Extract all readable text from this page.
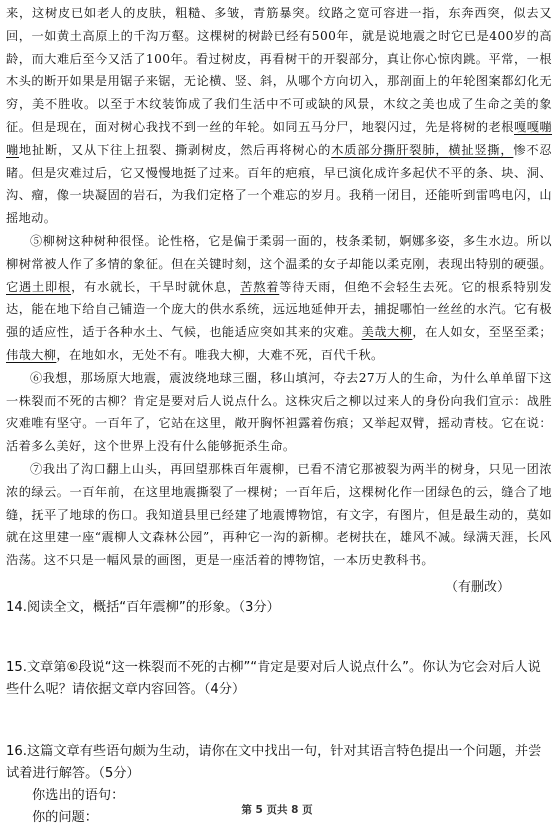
来，这树皮已如老人的皮肤，粗糙、多皱，青筋暴突。纹路之宽可容进一指，东奔西突，似去又回，一如黄土高原上的千沟万壑。这棵树的树龄已经有500年，就是说地震之时它已是400岁的高龄，而大难后至今又活了100年。看过树皮，再看树干的开裂部分，真让你心惊肉跳。平常，一根木头的断开如果是用锯子来锯，无论横、竖、斜，从哪个方向切入，那剖面上的年轮图案都幻化无穷，美不胜收。以至于木纹装饰成了我们生活中不可或缺的风景，木纹之美也成了生命之美的象征。但是现在，面对树心我找不到一丝的年轮。如同五马分尸，地裂闪过，先是将树的老根嘎嘎嘣嘣地扯断，又从下往上扭裂、撕剥树皮，然后再将树心的木质部分撕肝裂肺，横扯竖撕，惨不忍睹。但是灾难过后，它又慢慢地挺了过来。百年的疤痕，早已演化成许多起伏不平的条、块、洞、沟、瘤，像一块凝固的岩石，为我们定格了一个难忘的岁月。我稍一闭目，还能听到雷鸣电闪，山摇地动。

⑤柳树这种树种很怪。论性格，它是偏于柔弱一面的，枝条柔韧，婀娜多姿，多生水边。所以柳树常被人作了多情的象征。但在关键时刻，这个温柔的女子却能以柔克刚，表现出特别的硬强。它遇土即根，有水就长，干旱时就休息，苦熬着等待天雨，但绝不会轻生去死。它的根系特别发达，能在地下给自己铺造一个庞大的供水系统，远远地延伸开去，捕捉哪怕一丝丝的水汽。它有极强的适应性，适于各种水土、气候，也能适应突如其来的灾难。美哉大柳，在人如女，至坚至柔；伟哉大柳，在地如水，无处不有。唯我大柳，大难不死，百代千秋。

⑥我想，那场原大地震，震波绕地球三圈，移山填河，夺去27万人的生命，为什么单单留下这一株裂而不死的古柳？肯定是要对后人说点什么。这株灾后之柳以过来人的身份向我们宣示：战胜灾难唯有坚守。一百年了，它站在这里，敞开胸怀袒露着伤痕；又举起双臂，摇动青枝。它在说：活着多么美好，这个世界上没有什么能够扼杀生命。

⑦我出了沟口翻上山头，再回望那株百年震柳，已看不清它那被裂为两半的树身，只见一团浓浓的绿云。一百年前，在这里地震撕裂了一棵树；一百年后，这棵树化作一团绿色的云，缝合了地缝，抚平了地球的伤口。我知道县里已经建了地震博物馆，有文字，有图片，但是最生动的，莫如就在这里建一座“震柳人文森林公园”，再种它一沟的新柳。老树扶在，雄风不减。绿满天涯，长风浩荡。这不只是一幅风景的画图，更是一座活着的博物馆，一本历史教科书。

（有删改）

14.阅读全文，概括“百年震柳”的形象。（3分）

15.文章第⑥段说“这一株裂而不死的古柳”“肯定是要对后人说点什么”。你认为它会对后人说些什么呢？请依据文章内容回答。（4分）

16.这篇文章有些语句颇为生动，请你在文中找出一句，针对其语言特色提出一个问题，并尝试着进行解答。（5分）

你选出的语句：

你的问题：	第 5 页共 8 页
